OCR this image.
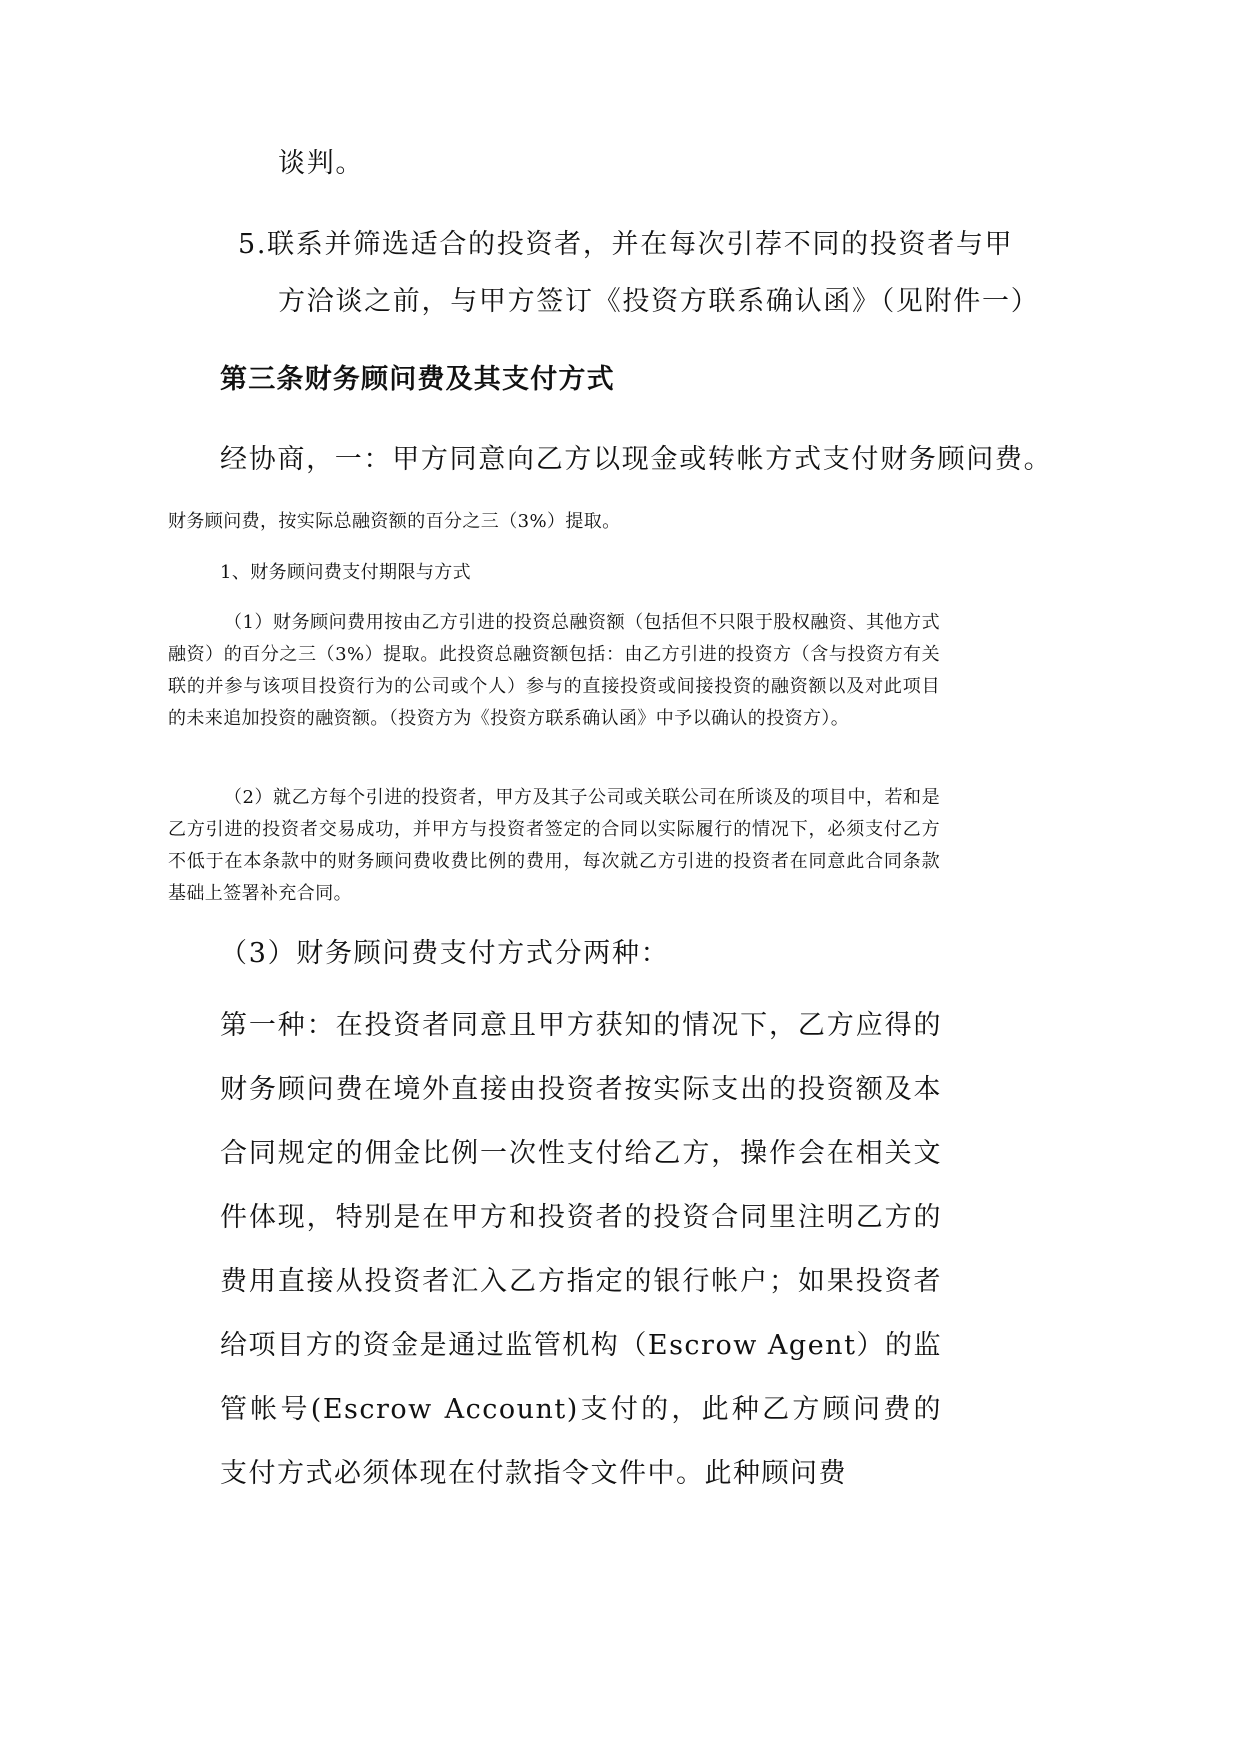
谈判。

5.联系并筛选适合的投资者，并在每次引荐不同的投资者与甲

方洽谈之前，与甲方签订《投资方联系确认函》（见附件一）

第三条财务顾问费及其支付方式

经协商，一：甲方同意向乙方以现金或转帐方式支付财务顾问费。

财务顾问费，按实际总融资额的百分之三（3%）提取。

1、财务顾问费支付期限与方式

（1）财务顾问费用按由乙方引进的投资总融资额（包括但不只限于股权融资、其他方式融资）的百分之三（3%）提取。此投资总融资额包括：由乙方引进的投资方（含与投资方有关联的并参与该项目投资行为的公司或个人）参与的直接投资或间接投资的融资额以及对此项目的未来追加投资的融资额。（投资方为《投资方联系确认函》中予以确认的投资方）。

（2）就乙方每个引进的投资者，甲方及其子公司或关联公司在所谈及的项目中，若和是乙方引进的投资者交易成功，并甲方与投资者签定的合同以实际履行的情况下，必须支付乙方不低于在本条款中的财务顾问费收费比例的费用，每次就乙方引进的投资者在同意此合同条款基础上签署补充合同。

（3）财务顾问费支付方式分两种：

第一种：在投资者同意且甲方获知的情况下，乙方应得的财务顾问费在境外直接由投资者按实际支出的投资额及本合同规定的佣金比例一次性支付给乙方，操作会在相关文件体现，特别是在甲方和投资者的投资合同里注明乙方的费用直接从投资者汇入乙方指定的银行帐户；如果投资者给项目方的资金是通过监管机构（Escrow Agent）的监管帐号(Escrow Account)支付的，此种乙方顾问费的支付方式必须体现在付款指令文件中。此种顾问费
